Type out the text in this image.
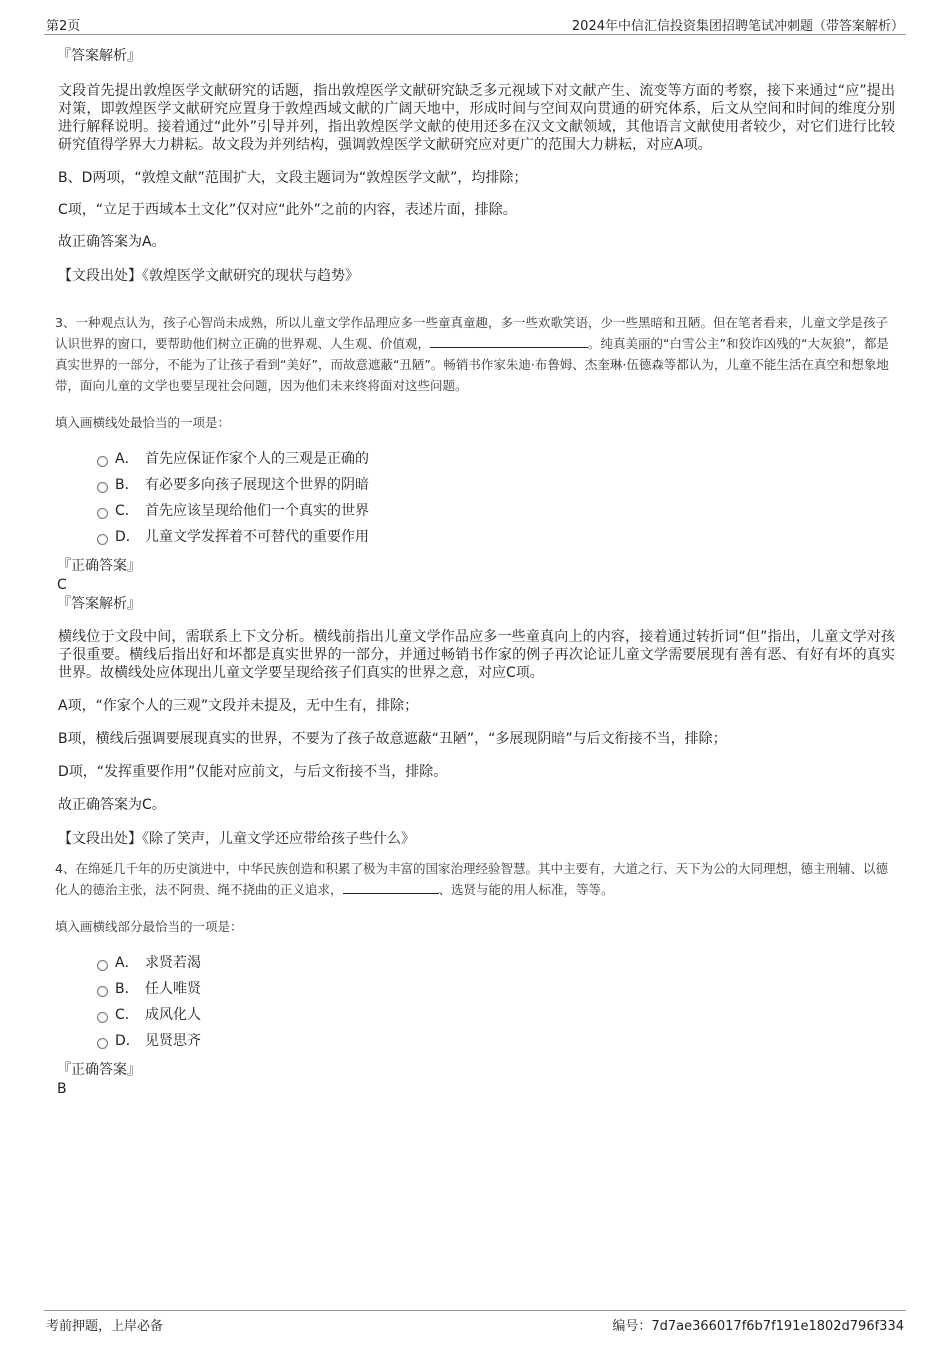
第2页	2024年中信汇信投资集团招聘笔试冲刺题（带答案解析）
『答案解析』

文段首先提出敦煌医学文献研究的话题，指出敦煌医学文献研究缺乏多元视域下对文献产生、流变等方面的考察，接下来通过“应”提出对策，即敦煌医学文献研究应置身于敦煌西域文献的广阔天地中，形成时间与空间双向贯通的研究体系，后文从空间和时间的维度分别进行解释说明。接着通过“此外”引导并列，指出敦煌医学文献的使用还多在汉文文献领域，其他语言文献使用者较少，对它们进行比较研究值得学界大力耕耘。故文段为并列结构，强调敦煌医学文献研究应对更广的范围大力耕耘，对应A项。

B、D两项，“敦煌文献”范围扩大，文段主题词为“敦煌医学文献”，均排除；

C项，“立足于西域本土文化”仅对应“此外”之前的内容，表述片面，排除。

故正确答案为A。

【文段出处】《敦煌医学文献研究的现状与趋势》

3、一种观点认为，孩子心智尚未成熟，所以儿童文学作品理应多一些童真童趣，多一些欢歌笑语，少一些黑暗和丑陋。但在笔者看来，儿童文学是孩子认识世界的窗口，要帮助他们树立正确的世界观、人生观、价值观，	。纯真美丽的“白雪公主”和狡诈凶残的“大灰狼”，都是真实世界的一部分，不能为了让孩子看到“美好”，而故意遮蔽“丑陋”。畅销书作家朱迪·布鲁姆、杰奎琳·伍德森等都认为，儿童不能生活在真空和想象地带，面向儿童的文学也要呈现社会问题，因为他们未来终将面对这些问题。

填入画横线处最恰当的一项是：

A． 首先应保证作家个人的三观是正确的
B． 有必要多向孩子展现这个世界的阴暗
C． 首先应该呈现给他们一个真实的世界
D． 儿童文学发挥着不可替代的重要作用
『正确答案』
C
『答案解析』

横线位于文段中间，需联系上下文分析。横线前指出儿童文学作品应多一些童真向上的内容，接着通过转折词“但”指出，儿童文学对孩子很重要。横线后指出好和坏都是真实世界的一部分，并通过畅销书作家的例子再次论证儿童文学需要展现有善有恶、有好有坏的真实世界。故横线处应体现出儿童文学要呈现给孩子们真实的世界之意，对应C项。

A项，“作家个人的三观”文段并未提及，无中生有，排除；

B项，横线后强调要展现真实的世界，不要为了孩子故意遮蔽“丑陋”，“多展现阴暗”与后文衔接不当，排除；

D项，“发挥重要作用”仅能对应前文，与后文衔接不当，排除。

故正确答案为C。

【文段出处】《除了笑声，儿童文学还应带给孩子些什么》

4、在绵延几千年的历史演进中，中华民族创造和积累了极为丰富的国家治理经验智慧。其中主要有，大道之行、天下为公的大同理想，德主刑辅、以德化人的德治主张，法不阿贵、绳不挠曲的正义追求，	、选贤与能的用人标准，等等。

填入画横线部分最恰当的一项是：

A． 求贤若渴
B． 任人唯贤
C． 成风化人
D． 见贤思齐
『正确答案』
B
考前押题，上岸必备	编号：7d7ae366017f6b7f191e1802d796f334
